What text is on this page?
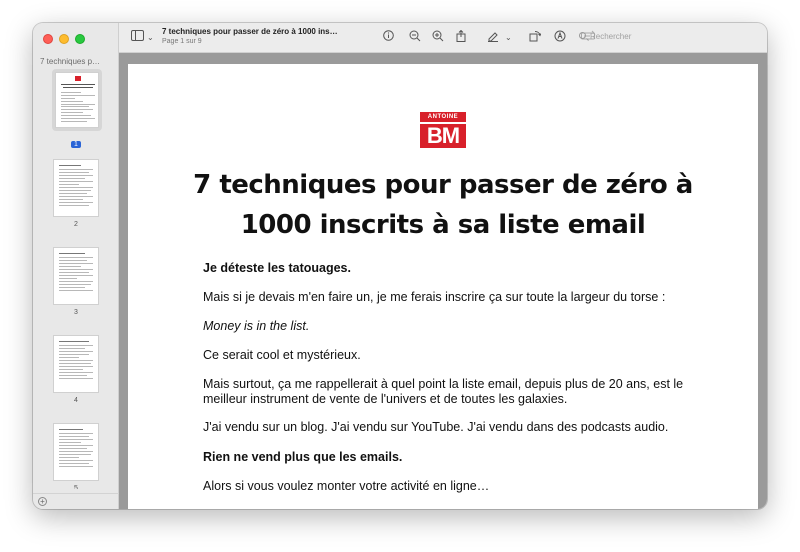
7 techniques p…
1
2
3
4
5
+
⌄
7 techniques pour passer de zéro à 1000 ins…
Page 1 sur 9	⌄	Rechercher
ANTOINE
BM
7 techniques pour passer de zéro à
1000 inscrits à sa liste email
Je déteste les tatouages.
Mais si je devais m'en faire un, je me ferais inscrire ça sur toute la largeur du torse :
Money is in the list.
Ce serait cool et mystérieux.
Mais surtout, ça me rappellerait à quel point la liste email, depuis plus de 20 ans, est le meilleur instrument de vente de l'univers et de toutes les galaxies.
J'ai vendu sur un blog. J'ai vendu sur YouTube. J'ai vendu dans des podcasts audio.
Rien ne vend plus que les emails.
Alors si vous voulez monter votre activité en ligne…
